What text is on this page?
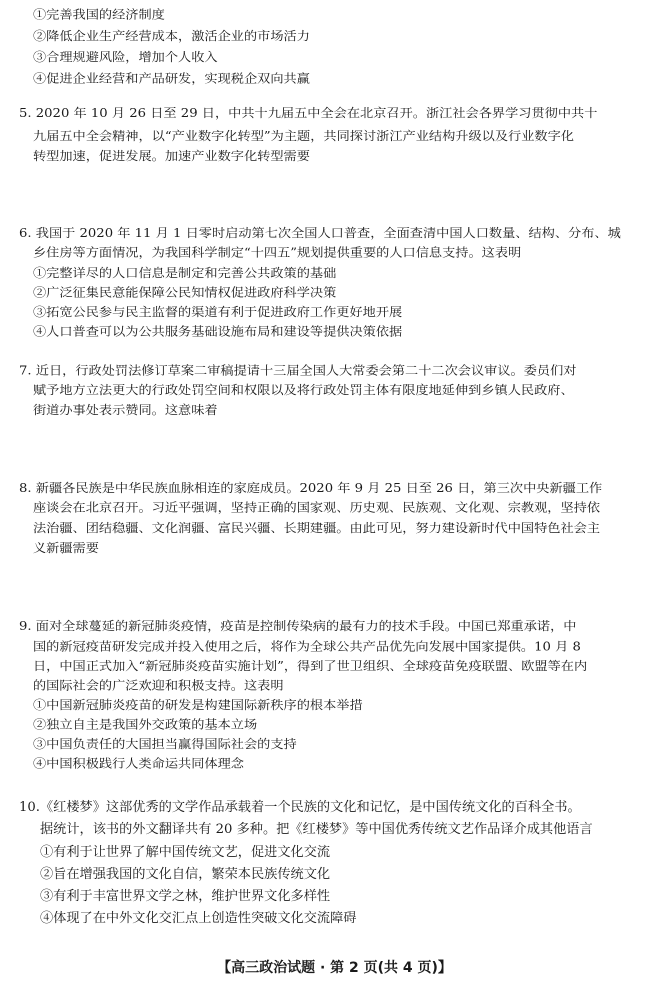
①完善我国的经济制度
②降低企业生产经营成本，激活企业的市场活力
③合理规避风险，增加个人收入
④促进企业经营和产品研发，实现税企双向共赢
5. 2020 年 10 月 26 日至 29 日，中共十九届五中全会在北京召开。浙江社会各界学习贯彻中共十
九届五中全会精神，以“产业数字化转型”为主题，共同探讨浙江产业结构升级以及行业数字化
转型加速，促进发展。加速产业数字化转型需要
6. 我国于 2020 年 11 月 1 日零时启动第七次全国人口普查，全面查清中国人口数量、结构、分布、城
乡住房等方面情况，为我国科学制定“十四五”规划提供重要的人口信息支持。这表明
①完整详尽的人口信息是制定和完善公共政策的基础
②广泛征集民意能保障公民知情权促进政府科学决策
③拓宽公民参与民主监督的渠道有利于促进政府工作更好地开展
④人口普查可以为公共服务基础设施布局和建设等提供决策依据
7. 近日，行政处罚法修订草案二审稿提请十三届全国人大常委会第二十二次会议审议。委员们对
赋予地方立法更大的行政处罚空间和权限以及将行政处罚主体有限度地延伸到乡镇人民政府、
街道办事处表示赞同。这意味着
8. 新疆各民族是中华民族血脉相连的家庭成员。2020 年 9 月 25 日至 26 日，第三次中央新疆工作
座谈会在北京召开。习近平强调，坚持正确的国家观、历史观、民族观、文化观、宗教观，坚持依
法治疆、团结稳疆、文化润疆、富民兴疆、长期建疆。由此可见，努力建设新时代中国特色社会主
义新疆需要
9. 面对全球蔓延的新冠肺炎疫情，疫苗是控制传染病的最有力的技术手段。中国已郑重承诺，中
国的新冠疫苗研发完成并投入使用之后，将作为全球公共产品优先向发展中国家提供。10 月 8
日，中国正式加入“新冠肺炎疫苗实施计划”，得到了世卫组织、全球疫苗免疫联盟、欧盟等在内
的国际社会的广泛欢迎和积极支持。这表明
①中国新冠肺炎疫苗的研发是构建国际新秩序的根本举措
②独立自主是我国外交政策的基本立场
③中国负责任的大国担当赢得国际社会的支持
④中国积极践行人类命运共同体理念
10.《红楼梦》这部优秀的文学作品承载着一个民族的文化和记忆，是中国传统文化的百科全书。
据统计，该书的外文翻译共有 20 多种。把《红楼梦》等中国优秀传统文艺作品译介成其他语言
①有利于让世界了解中国传统文艺，促进文化交流
②旨在增强我国的文化自信，繁荣本民族传统文化
③有利于丰富世界文学之林，维护世界文化多样性
④体现了在中外文化交汇点上创造性突破文化交流障碍
【高三政治试题 · 第 2 页(共 4 页)】
